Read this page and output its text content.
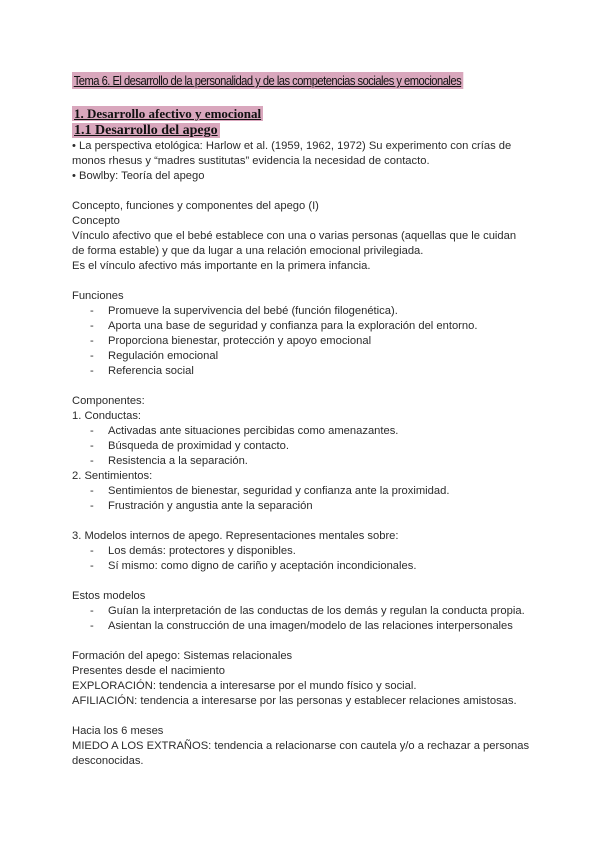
Tema 6. El desarrollo de la personalidad y de las competencias sociales y emocionales
1. Desarrollo afectivo y emocional
1.1 Desarrollo del apego
• La perspectiva etológica: Harlow et al. (1959, 1962, 1972) Su experimento con crías de
monos rhesus y “madres sustitutas” evidencia la necesidad de contacto.
• Bowlby: Teoría del apego
Concepto, funciones y componentes del apego (I)
Concepto
Vínculo afectivo que el bebé establece con una o varias personas (aquellas que le cuidan
de forma estable) y que da lugar a una relación emocional privilegiada.
Es el vínculo afectivo más importante en la primera infancia.
Funciones
- Promueve la supervivencia del bebé (función filogenética).
- Aporta una base de seguridad y confianza para la exploración del entorno.
- Proporciona bienestar, protección y apoyo emocional
- Regulación emocional
- Referencia social
Componentes:
1. Conductas:
- Activadas ante situaciones percibidas como amenazantes.
- Búsqueda de proximidad y contacto.
- Resistencia a la separación.
2. Sentimientos:
- Sentimientos de bienestar, seguridad y confianza ante la proximidad.
- Frustración y angustia ante la separación
3. Modelos internos de apego. Representaciones mentales sobre:
- Los demás: protectores y disponibles.
- Sí mismo: como digno de cariño y aceptación incondicionales.
Estos modelos
- Guían la interpretación de las conductas de los demás y regulan la conducta propia.
- Asientan la construcción de una imagen/modelo de las relaciones interpersonales
Formación del apego: Sistemas relacionales
Presentes desde el nacimiento
EXPLORACIÓN: tendencia a interesarse por el mundo físico y social.
AFILIACIÓN: tendencia a interesarse por las personas y establecer relaciones amistosas.
Hacia los 6 meses
MIEDO A LOS EXTRAÑOS: tendencia a relacionarse con cautela y/o a rechazar a personas
desconocidas.
